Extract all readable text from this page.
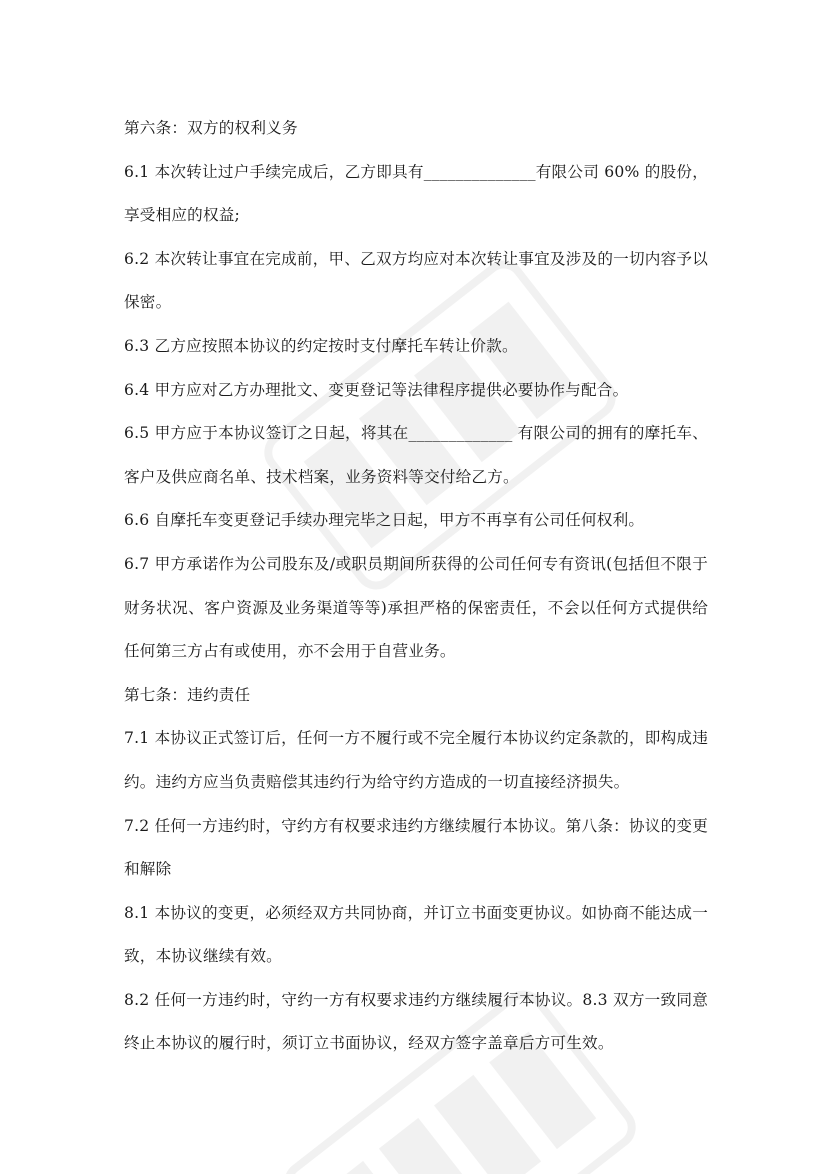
第六条：双方的权利义务

6.1 本次转让过户手续完成后，乙方即具有______________有限公司 60% 的股份，享受相应的权益;

6.2 本次转让事宜在完成前，甲、乙双方均应对本次转让事宜及涉及的一切内容予以保密。

6.3 乙方应按照本协议的约定按时支付摩托车转让价款。

6.4 甲方应对乙方办理批文、变更登记等法律程序提供必要协作与配合。

6.5 甲方应于本协议签订之日起，将其在_____________ 有限公司的拥有的摩托车、客户及供应商名单、技术档案，业务资料等交付给乙方。

6.6 自摩托车变更登记手续办理完毕之日起，甲方不再享有公司任何权利。

6.7 甲方承诺作为公司股东及/或职员期间所获得的公司任何专有资讯(包括但不限于财务状况、客户资源及业务渠道等等)承担严格的保密责任，不会以任何方式提供给任何第三方占有或使用，亦不会用于自营业务。

第七条：违约责任

7.1 本协议正式签订后，任何一方不履行或不完全履行本协议约定条款的，即构成违约。违约方应当负责赔偿其违约行为给守约方造成的一切直接经济损失。

7.2 任何一方违约时，守约方有权要求违约方继续履行本协议。第八条：协议的变更和解除

8.1 本协议的变更，必须经双方共同协商，并订立书面变更协议。如协商不能达成一致，本协议继续有效。

8.2 任何一方违约时，守约一方有权要求违约方继续履行本协议。8.3 双方一致同意终止本协议的履行时，须订立书面协议，经双方签字盖章后方可生效。
